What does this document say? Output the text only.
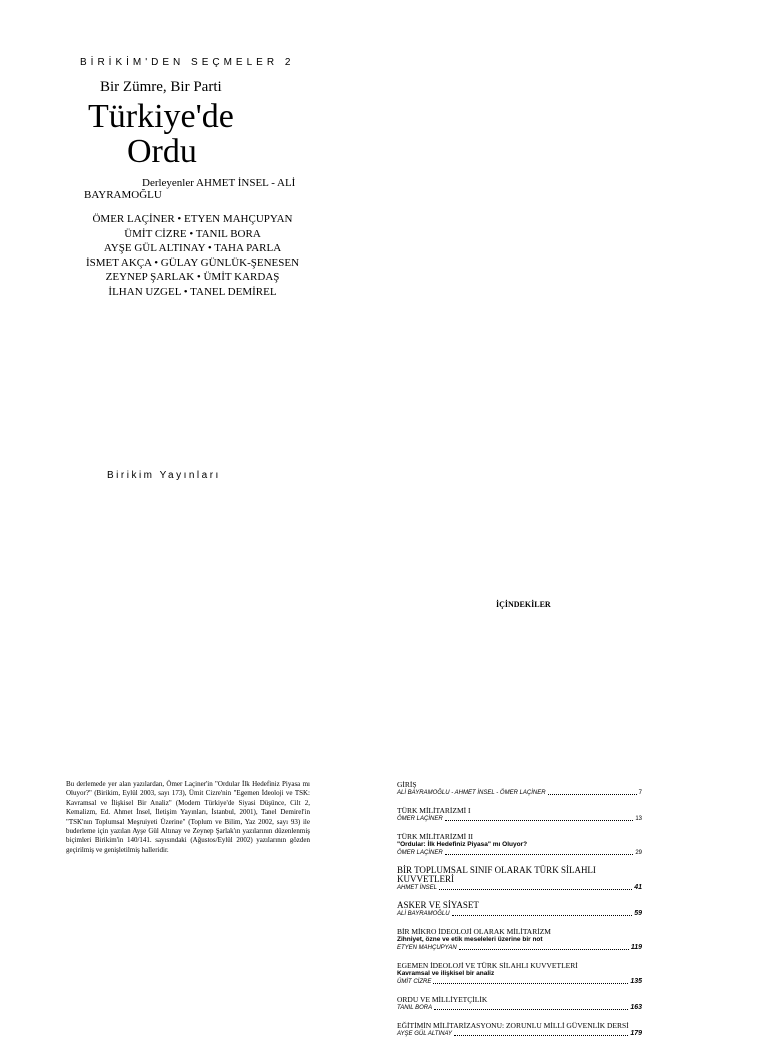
BİRİKİM'DEN SEÇMELER 2
Bir Zümre, Bir Parti
Türkiye'de
Ordu
Derleyenler AHMET İNSEL - ALİ
BAYRAMOĞLU
ÖMER LAÇİNER • ETYEN MAHÇUPYAN
ÜMİT CİZRE • TANIL BORA
AYŞE GÜL ALTINAY • TAHA PARLA
İSMET AKÇA • GÜLAY GÜNLÜK-ŞENESEN
ZEYNEP ŞARLAK • ÜMİT KARDAŞ
İLHAN UZGEL • TANEL DEMİREL
Birikim Yayınları
İÇİNDEKİLER
Bu derlemede yer alan yazılardan, Ömer Laçiner'in "Ordular İlk Hedefiniz Piyasa mı Oluyor?" (Birikim, Eylül 2003, sayı 173), Ümit Cizre'nin "Egemen İdeoloji ve TSK: Kavramsal ve İlişkisel Bir Analiz" (Modern Türkiye'de Siyasi Düşünce, Cilt 2, Kemalizm, Ed. Ahmet İnsel, İletişim Yayınları, İstanbul, 2001), Tanel Demirel'in "TSK'nın Toplumsal Meşruiyeti Üzerine" (Toplum ve Bilim, Yaz 2002, sayı 93) ile buderleme için yazılan Ayşe Gül Altınay ve Zeynep Şarlak'ın yazılarının düzenlenmiş biçimleri Birikim'in 140/141. sayısındaki (Ağustos/Eylül 2002) yazılarının gözden geçirilmiş ve genişletilmiş halleridir.
GİRİŞ
ALİ BAYRAMOĞLU - AHMET İNSEL - ÖMER LAÇİNER	7
TÜRK MİLİTARİZMİ I
ÖMER LAÇİNER	13
TÜRK MİLİTARİZMİ II
"Ordular: İlk Hedefiniz Piyasa" mı Oluyor?
ÖMER LAÇİNER	29
BİR TOPLUMSAL SINIF OLARAK TÜRK SİLAHLI KUVVETLERİ
AHMET İNSEL	41
ASKER VE SİYASET
ALİ BAYRAMOĞLU	59
BİR MİKRO İDEOLOJİ OLARAK MİLİTARİZM
Zihniyet, özne ve etik meseleleri üzerine bir not
ETYEN MAHÇUPYAN	119
EGEMEN İDEOLOJİ VE TÜRK SİLAHLI KUVVETLERİ
Kavramsal ve ilişkisel bir analiz
ÜMİT CİZRE	135
ORDU VE MİLLİYETÇİLİK
TANIL BORA	163
EĞİTİMİN MİLİTARİZASYONU: ZORUNLU MİLLİ GÜVENLİK DERSİ
AYŞE GÜL ALTINAY	179
